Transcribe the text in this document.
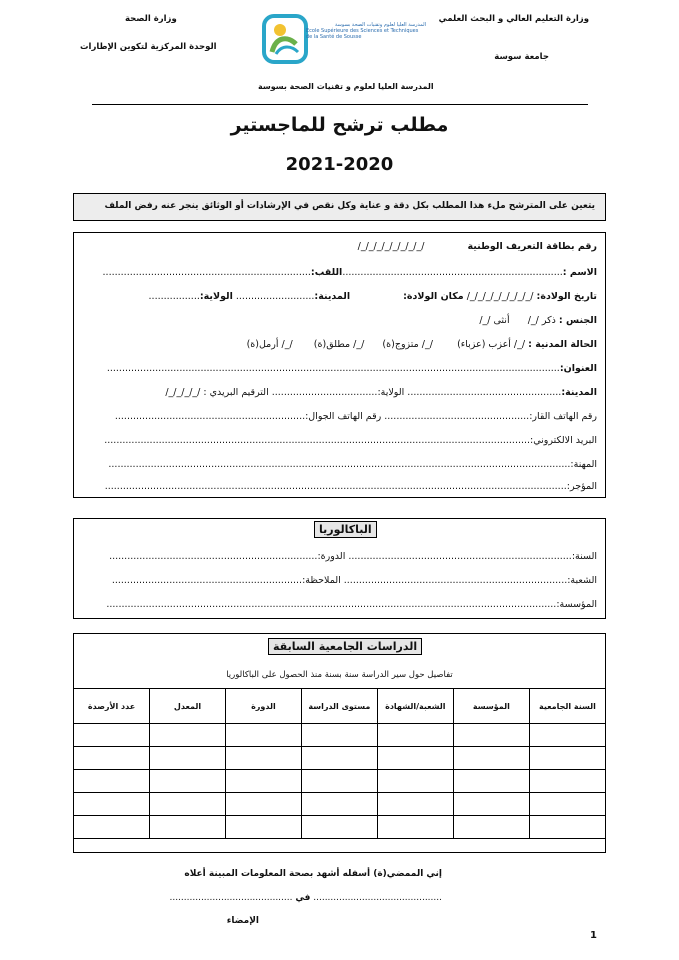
وزارة التعليم العالي و البحث العلمي
جامعة سوسة
وزارة الصحة
الوحدة المركزية لتكوين الإطارات
المدرسة العليا لعلوم وتقنيات الصحة بسوسة
Ecole Supérieure des Sciences et Techniques de la Santé de Sousse
المدرسة العليا لعلوم و تقنيات الصحة بسوسة
مطلب ترشح للماجستير
2021-2020
يتعين على المترشح ملء هذا المطلب بكل دقة و عناية وكل نقص في الإرشادات أو الوثائق ينجر عنه رفض الملف
رقم بطاقة التعريف الوطنية /_/_/_/_/_/_/_/_/
الاسم :.........................................................................اللقب:.....................................................................
تاريخ الولادة: /_/_/_/_/_/_/_/_/ مكان الولادة: المدينة:.......................... الولاية:.................
الجنس : ذكر /_/      أنثى /_/
الحالة المدنية : /_/ أعزب (عزباء)        /_/ متزوج(ة)      /_/ مطلق(ة)       /_/ أرمل(ة)
العنوان:......................................................................................................................................................
المدينة:................................................... الولاية:................................... الترقيم البريدي : /_/_/_/_/
رقم الهاتف القار:................................................ رقم الهاتف الجوال:...............................................................
البريد الالكتروني:.............................................................................................................................................
المهنة:.........................................................................................................................................................
المؤجر:.........................................................................................................................................................
الباكالوريا
السنة:.......................................................................... الدورة:.....................................................................
الشعبة:.......................................................................... الملاحظة:...............................................................
المؤسسة:.....................................................................................................................................................
الدراسات الجامعية السابقة
تفاصيل حول سير الدراسة سنة بسنة منذ الحصول على الباكالوريا
السنة الجامعية	المؤسسة	الشعبة/الشهادة	مستوى الدراسة	الدورة	المعدل	عدد الأرصدة

إني الممضي(ة) أسفله أشهد بصحة المعلومات المبينة أعلاه
............................................. في ...........................................
الإمضاء
1
